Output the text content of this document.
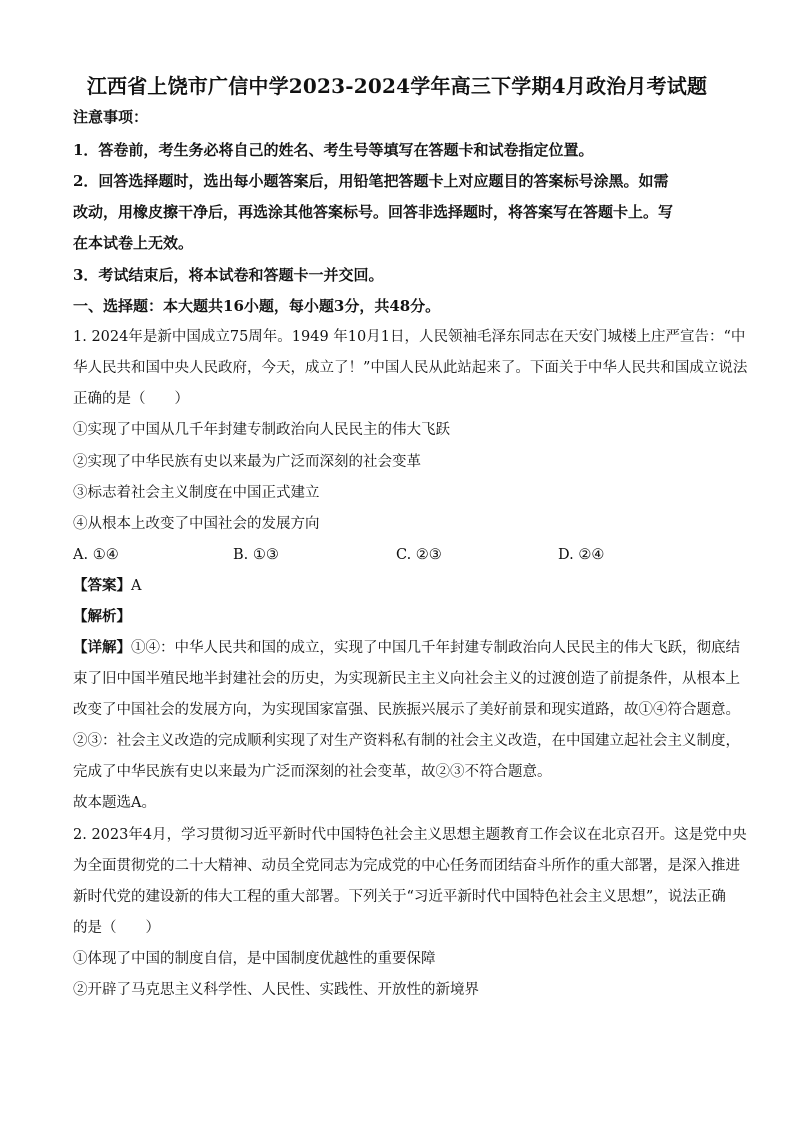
江西省上饶市广信中学2023-2024学年高三下学期4月政治月考试题
注意事项：
1．答卷前，考生务必将自己的姓名、考生号等填写在答题卡和试卷指定位置。
2．回答选择题时，选出每小题答案后，用铅笔把答题卡上对应题目的答案标号涂黑。如需
改动，用橡皮擦干净后，再选涂其他答案标号。回答非选择题时，将答案写在答题卡上。写
在本试卷上无效。
3．考试结束后，将本试卷和答题卡一并交回。
一、选择题：本大题共16小题，每小题3分，共48分。
1. 2024年是新中国成立75周年。1949 年10月1日，人民领袖毛泽东同志在天安门城楼上庄严宣告：“中
华人民共和国中央人民政府，今天，成立了！”中国人民从此站起来了。下面关于中华人民共和国成立说法
正确的是（　　）
①实现了中国从几千年封建专制政治向人民民主的伟大飞跃
②实现了中华民族有史以来最为广泛而深刻的社会变革
③标志着社会主义制度在中国正式建立
④从根本上改变了中国社会的发展方向
A. ①④	B. ①③	C. ②③	D. ②④
【答案】A
【解析】
【详解】①④：中华人民共和国的成立，实现了中国几千年封建专制政治向人民民主的伟大飞跃，彻底结
束了旧中国半殖民地半封建社会的历史，为实现新民主主义向社会主义的过渡创造了前提条件，从根本上
改变了中国社会的发展方向，为实现国家富强、民族振兴展示了美好前景和现实道路，故①④符合题意。
②③：社会主义改造的完成顺利实现了对生产资料私有制的社会主义改造，在中国建立起社会主义制度，
完成了中华民族有史以来最为广泛而深刻的社会变革，故②③不符合题意。
故本题选A。
2. 2023年4月，学习贯彻习近平新时代中国特色社会主义思想主题教育工作会议在北京召开。这是党中央
为全面贯彻党的二十大精神、动员全党同志为完成党的中心任务而团结奋斗所作的重大部署，是深入推进
新时代党的建设新的伟大工程的重大部署。下列关于“习近平新时代中国特色社会主义思想”，说法正确
的是（　　）
①体现了中国的制度自信，是中国制度优越性的重要保障
②开辟了马克思主义科学性、人民性、实践性、开放性的新境界
